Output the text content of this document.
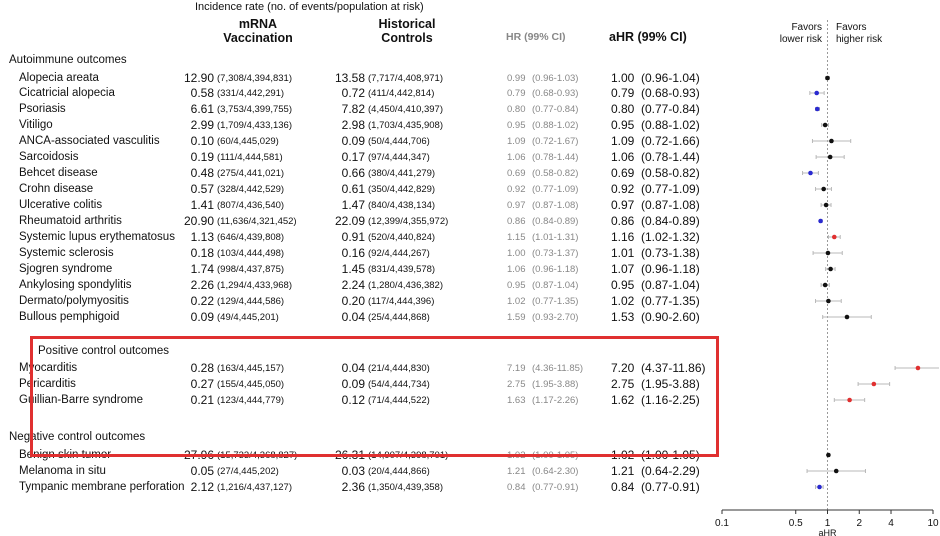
Incidence rate (no. of events/population at risk)
mRNA
Vaccination
Historical
Controls	HR (99% CI)	aHR (99% CI)
Favors
lower risk
Favors
higher risk
Autoimmune outcomes
Positive control outcomes
Negative control outcomes
Alopecia areata	12.90 (7,308/4,394,831)	13.58 (7,717/4,408,971)	0.99 (0.96-1.03)	1.00 (0.96-1.04)
Cicatricial alopecia	0.58 (331/4,442,291)	0.72 (411/4,442,814)	0.79 (0.68-0.93)	0.79 (0.68-0.93)
Psoriasis	6.61 (3,753/4,399,755)	7.82 (4,450/4,410,397)	0.80 (0.77-0.84)	0.80 (0.77-0.84)
Vitiligo	2.99 (1,709/4,433,136)	2.98 (1,703/4,435,908)	0.95 (0.88-1.02)	0.95 (0.88-1.02)
ANCA-associated vasculitis	0.10 (60/4,445,029)	0.09 (50/4,444,706)	1.09 (0.72-1.67)	1.09 (0.72-1.66)
Sarcoidosis	0.19 (111/4,444,581)	0.17 (97/4,444,347)	1.06 (0.78-1.44)	1.06 (0.78-1.44)
Behcet disease	0.48 (275/4,441,021)	0.66 (380/4,441,279)	0.69 (0.58-0.82)	0.69 (0.58-0.82)
Crohn disease	0.57 (328/4,442,529)	0.61 (350/4,442,829)	0.92 (0.77-1.09)	0.92 (0.77-1.09)
Ulcerative colitis	1.41 (807/4,436,540)	1.47 (840/4,438,134)	0.97 (0.87-1.08)	0.97 (0.87-1.08)
Rheumatoid arthritis	20.90 (11,636/4,321,452)	22.09 (12,399/4,355,972)	0.86 (0.84-0.89)	0.86 (0.84-0.89)
Systemic lupus erythematosus 1.13 (646/4,439,808)	0.91 (520/4,440,824)	1.15 (1.01-1.31)	1.16 (1.02-1.32)
Systemic sclerosis	0.18 (103/4,444,498)	0.16 (92/4,444,267)	1.00 (0.73-1.37)	1.01 (0.73-1.38)
Sjogren syndrome	1.74 (998/4,437,875)	1.45 (831/4,439,578)	1.06 (0.96-1.18)	1.07 (0.96-1.18)
Ankylosing spondylitis	2.26 (1,294/4,433,968)	2.24 (1,280/4,436,382)	0.95 (0.87-1.04)	0.95 (0.87-1.04)
Dermato/polymyositis	0.22 (129/4,444,586)	0.20 (117/4,444,396)	1.02 (0.77-1.35)	1.02 (0.77-1.35)
Bullous pemphigoid	0.09 (49/4,445,201)	0.04 (25/4,444,868)	1.59 (0.93-2.70)	1.53 (0.90-2.60)
Myocarditis	0.28 (163/4,445,157)	0.04 (21/4,444,830)	7.19 (4.36-11.85) 7.20 (4.37-11.86)
Pericarditis	0.27 (155/4,445,050)	0.09 (54/4,444,734)	2.75 (1.95-3.88)	2.75 (1.95-3.88)
Guillian-Barre syndrome	0.21 (123/4,444,779)	0.12 (71/4,444,522)	1.63 (1.17-2.26)	1.62 (1.16-2.25)
Benign skin tumor	27.96 (15,733/4,368,827)	26.31 (14,907/4,398,701)	1.02 (1.00-1.05)	1.02 (1.00-1.05)
Melanoma in situ	0.05 (27/4,445,202)	0.03 (20/4,444,866)	1.21 (0.64-2.30)	1.21 (0.64-2.29)
Tympanic membrane perforation 2.12 (1,216/4,437,127)	2.36 (1,350/4,439,358)	0.84 (0.77-0.91)	0.84 (0.77-0.91)
0.1	0.5 1	2	4	10
aHR
